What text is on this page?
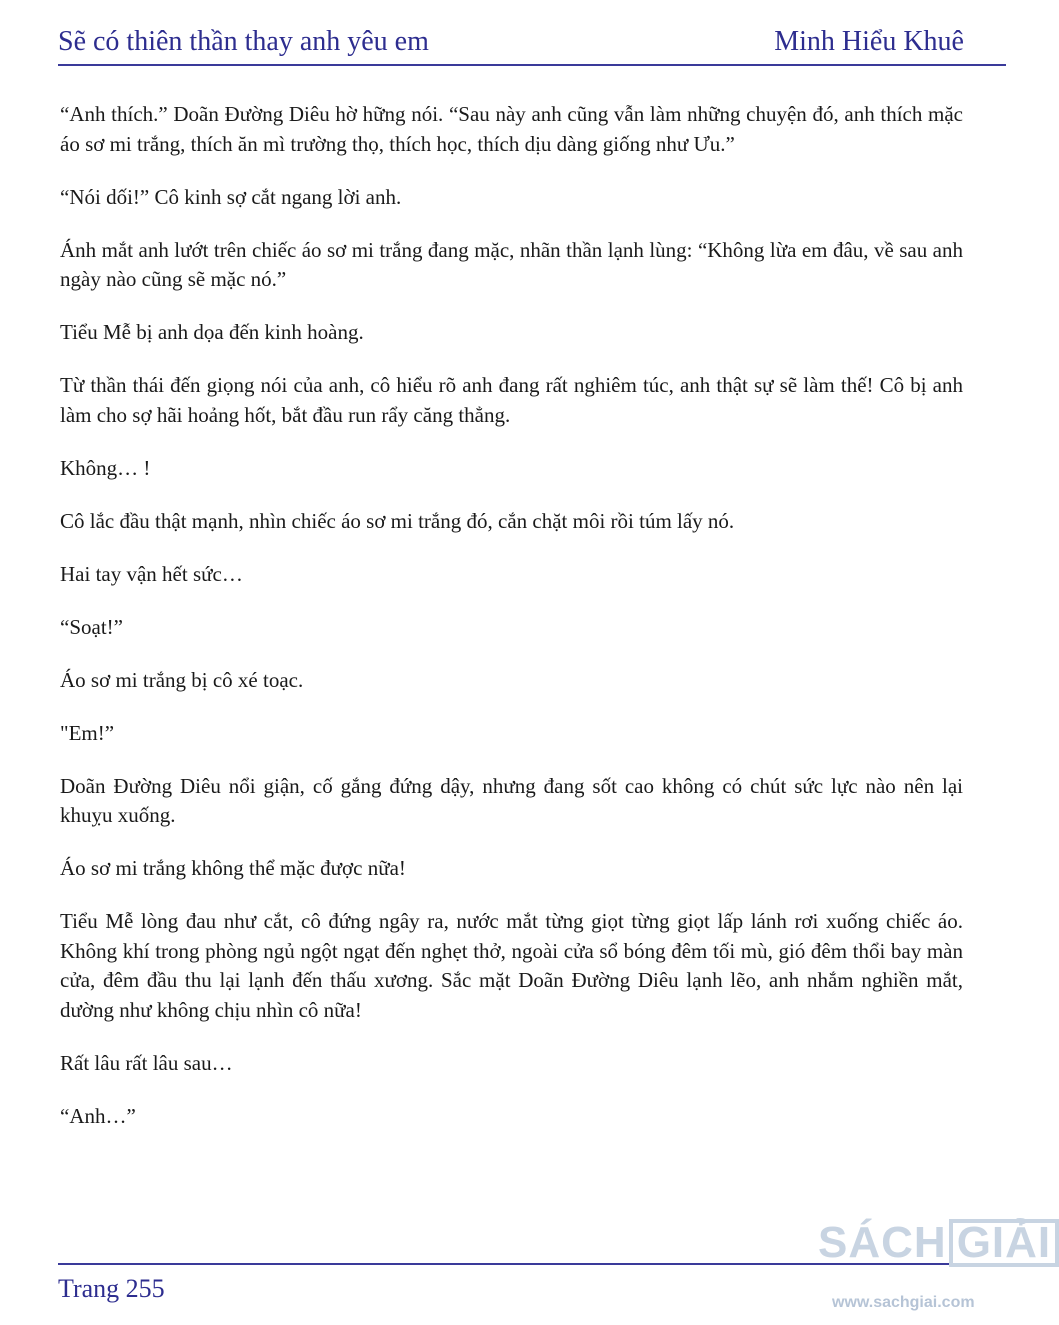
Sẽ có thiên thần thay anh yêu em	Minh Hiểu Khuê

“Anh thích.” Doãn Đường Diêu hờ hững nói. “Sau này anh cũng vẫn làm những chuyện đó, anh thích mặc áo sơ mi trắng, thích ăn mì trường thọ, thích học, thích dịu dàng giống như Ưu.”

“Nói dối!” Cô kinh sợ cắt ngang lời anh.

Ánh mắt anh lướt trên chiếc áo sơ mi trắng đang mặc, nhãn thần lạnh lùng: “Không lừa em đâu, về sau anh ngày nào cũng sẽ mặc nó.”

Tiểu Mễ bị anh dọa đến kinh hoàng.

Từ thần thái đến giọng nói của anh, cô hiểu rõ anh đang rất nghiêm túc, anh thật sự sẽ làm thế! Cô bị anh làm cho sợ hãi hoảng hốt, bắt đầu run rẩy căng thẳng.

Không… !

Cô lắc đầu thật mạnh, nhìn chiếc áo sơ mi trắng đó, cắn chặt môi rồi túm lấy nó.

Hai tay vận hết sức…

“Soạt!”

Áo sơ mi trắng bị cô xé toạc.

"Em!”

Doãn Đường Diêu nổi giận, cố gắng đứng dậy, nhưng đang sốt cao không có chút sức lực nào nên lại khuỵu xuống.

Áo sơ mi trắng không thể mặc được nữa!

Tiểu Mễ lòng đau như cắt, cô đứng ngây ra, nước mắt từng giọt từng giọt lấp lánh rơi xuống chiếc áo. Không khí trong phòng ngủ ngột ngạt đến nghẹt thở, ngoài cửa sổ bóng đêm tối mù, gió đêm thổi bay màn cửa, đêm đầu thu lại lạnh đến thấu xương. Sắc mặt Doãn Đường Diêu lạnh lẽo, anh nhắm nghiền mắt, dường như không chịu nhìn cô nữa!

Rất lâu rất lâu sau…

“Anh…”

Trang 255
SÁCH GIẢI
www.sachgiai.com
